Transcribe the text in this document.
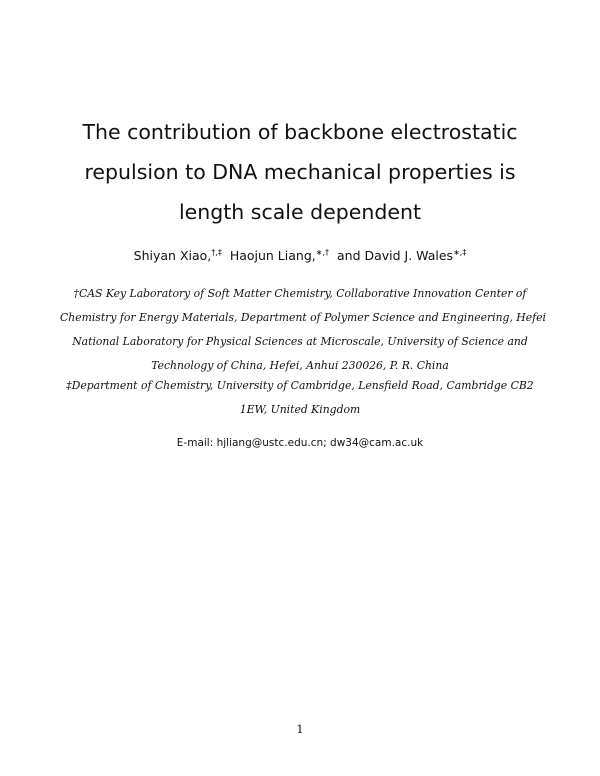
The contribution of backbone electrostatic
repulsion to DNA mechanical properties is
length scale dependent
Shiyan Xiao,†,‡ Haojun Liang,∗,† and David J. Wales∗,‡
†CAS Key Laboratory of Soft Matter Chemistry, Collaborative Innovation Center of
Chemistry for Energy Materials, Department of Polymer Science and Engineering, Hefei
National Laboratory for Physical Sciences at Microscale, University of Science and
Technology of China, Hefei, Anhui 230026, P. R. China
‡Department of Chemistry, University of Cambridge, Lensfield Road, Cambridge CB2
1EW, United Kingdom
E-mail: hjliang@ustc.edu.cn; dw34@cam.ac.uk
1
